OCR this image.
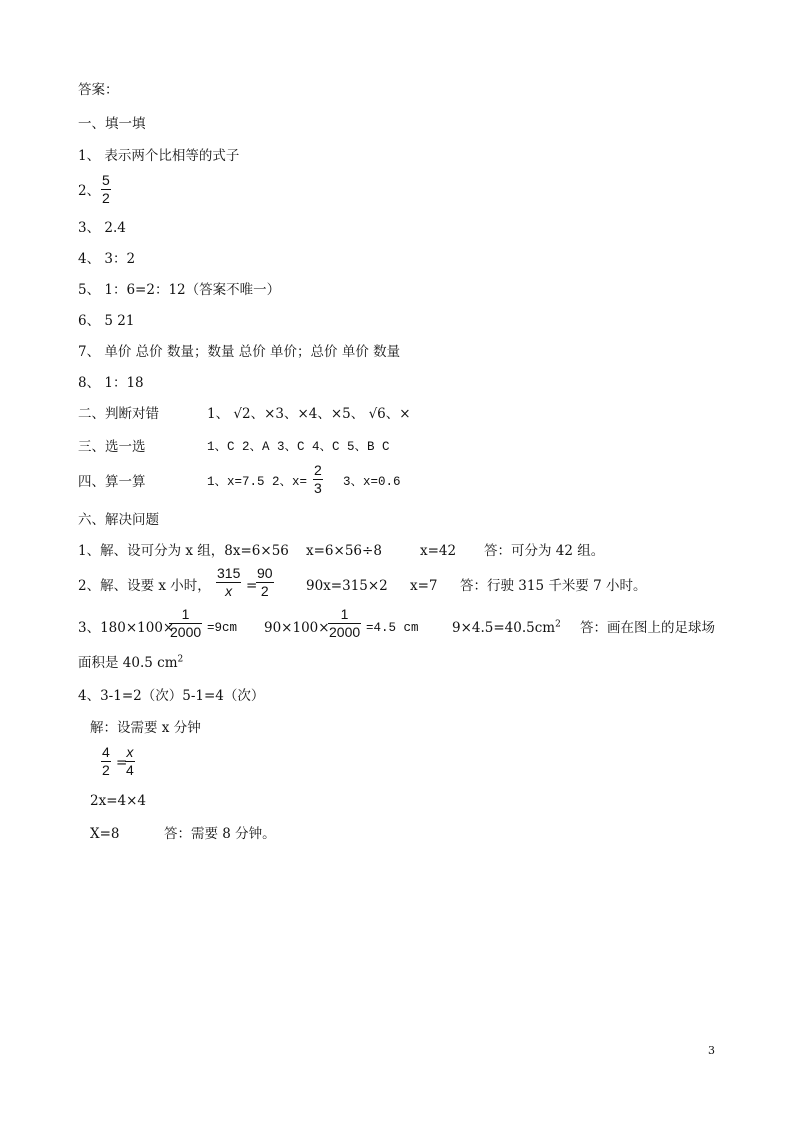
答案：
一、填一填
1、 表示两个比相等的式子
2、
5
2
3、 2.4
4、 3：2
5、 1：6=2：12（答案不唯一）
6、 5 21
7、 单价 总价 数量；数量 总价 单价；总价 单价 数量
8、 1：18
二、判断对错	1、 √2、×3、×4、×5、 √6、×
三、选一选	1、C 2、A 3、C 4、C 5、B C
四、算一算	1、x=7.5 2、x=
2
3 3、x=0.6
六、解决问题
1、解、设可分为 x 组，8x=6×56 x=6×56÷8	x=42 答：可分为 42 组。
2、解、设要 x 小时，
315
x	=
90
2	90x=315×2 x=7 答：行驶 315 千米要 7 小时。
3、180×100×
1
2000 =9cm 90×100×
1
2000 =4.5 cm $9\times 4.5=40.5cm^2$ 答：画在图上的足球场
面积是 40.5 $cm^2$
4、3-1=2（次）5-1=4（次）
解：设需要 x 分钟
4
2 =
x
4
2x=4×4
X=8	答：需要 8 分钟。
3
